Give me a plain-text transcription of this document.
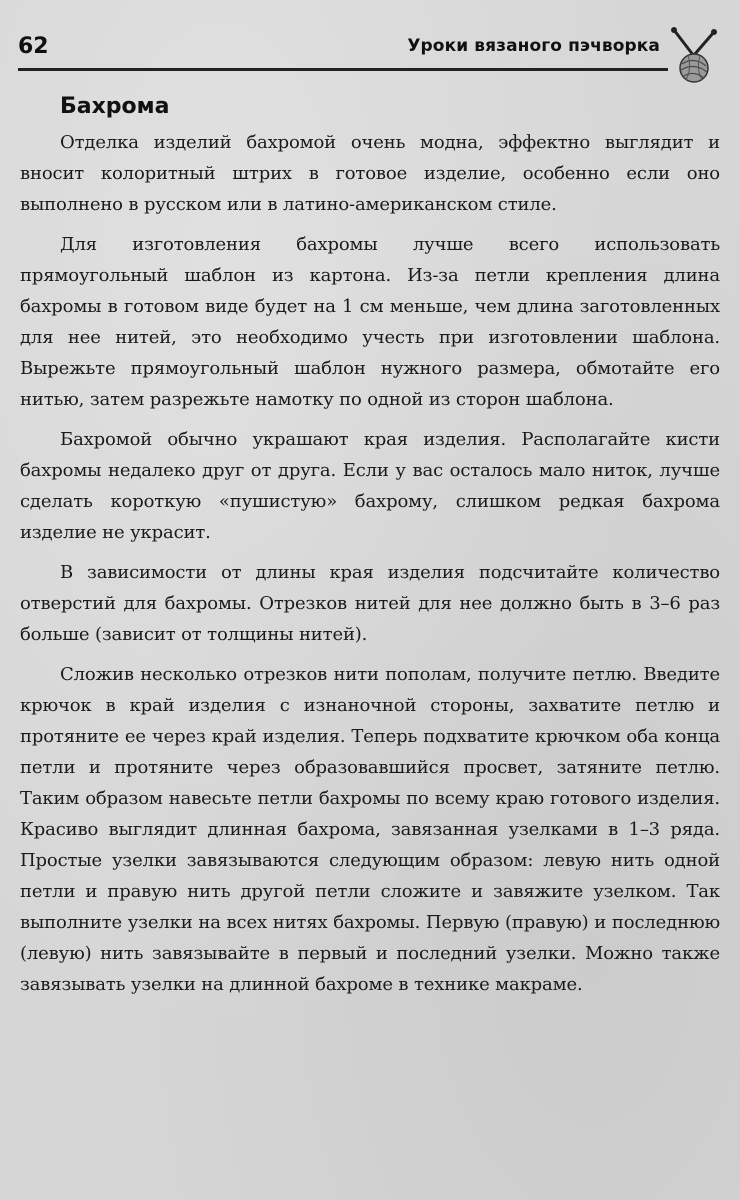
62	Уроки вязаного пэчворка
Бахрома

Отделка изделий бахромой очень модна, эффектно выглядит и вносит колоритный штрих в готовое изделие, особенно если оно выполнено в русском или в латино-американском стиле.

Для изготовления бахромы лучше всего использовать прямоугольный шаблон из картона. Из-за петли крепления длина бахромы в готовом виде будет на 1 см меньше, чем длина заготовленных для нее нитей, это необходимо учесть при изготовлении шаблона. Вырежьте прямоугольный шаблон нужного размера, обмотайте его нитью, затем разрежьте намотку по одной из сторон шаблона.

Бахромой обычно украшают края изделия. Располагайте кисти бахромы недалеко друг от друга. Если у вас осталось мало ниток, лучше сделать короткую «пушистую» бахрому, слишком редкая бахрома изделие не украсит.

В зависимости от длины края изделия подсчитайте количество отверстий для бахромы. Отрезков нитей для нее должно быть в 3–6 раз больше (зависит от толщины нитей).

Сложив несколько отрезков нити пополам, получите петлю. Введите крючок в край изделия с изнаночной стороны, захватите петлю и протяните ее через край изделия. Теперь подхватите крючком оба конца петли и протяните через образовавшийся просвет, затяните петлю. Таким образом навесьте петли бахромы по всему краю готового изделия. Красиво выглядит длинная бахрома, завязанная узелками в 1–3 ряда. Простые узелки завязываются следующим образом: левую нить одной петли и правую нить другой петли сложите и завяжите узелком. Так выполните узелки на всех нитях бахромы. Первую (правую) и последнюю (левую) нить завязывайте в первый и последний узелки. Можно также завязывать узелки на длинной бахроме в технике макраме.
